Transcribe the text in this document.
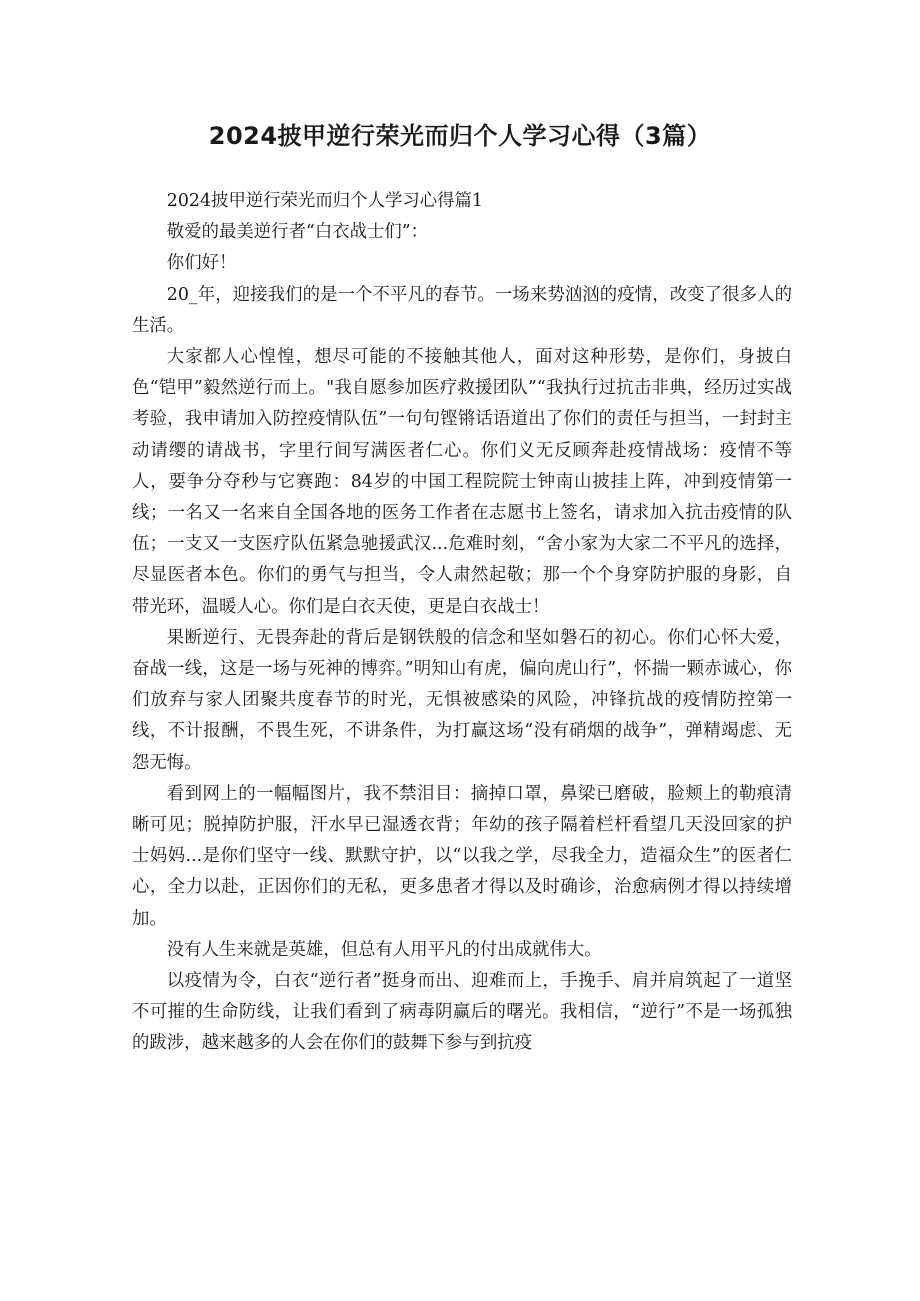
2024披甲逆行荣光而归个人学习心得（3篇）

2024披甲逆行荣光而归个人学习心得篇1

敬爱的最美逆行者“白衣战士们”：

你们好！

20_年，迎接我们的是一个不平凡的春节。一场来势汹汹的疫情，改变了很多人的生活。

大家都人心惶惶，想尽可能的不接触其他人，面对这种形势，是你们，身披白色“铠甲”毅然逆行而上。"我自愿参加医疗救援团队”“我执行过抗击非典，经历过实战考验，我申请加入防控疫情队伍”一句句铿锵话语道出了你们的责任与担当，一封封主动请缨的请战书，字里行间写满医者仁心。你们义无反顾奔赴疫情战场：疫情不等人，要争分夺秒与它赛跑：84岁的中国工程院院士钟南山披挂上阵，冲到疫情第一线；一名又一名来自全国各地的医务工作者在志愿书上签名，请求加入抗击疫情的队伍；一支又一支医疗队伍紧急驰援武汉...危难时刻，“舍小家为大家二不平凡的选择，尽显医者本色。你们的勇气与担当，令人肃然起敬；那一个个身穿防护服的身影，自带光环，温暖人心。你们是白衣天使，更是白衣战士！

果断逆行、无畏奔赴的背后是钢铁般的信念和坚如磐石的初心。你们心怀大爱，奋战一线，这是一场与死神的博弈。”明知山有虎，偏向虎山行”，怀揣一颗赤诚心，你们放弃与家人团聚共度春节的时光，无惧被感染的风险，冲锋抗战的疫情防控第一线，不计报酬，不畏生死，不讲条件，为打赢这场“没有硝烟的战争”，弹精竭虑、无怨无悔。

看到网上的一幅幅图片，我不禁泪目：摘掉口罩，鼻梁已磨破，脸颊上的勒痕清晰可见；脱掉防护服，汗水早已湿透衣背；年幼的孩子隔着栏杆看望几天没回家的护士妈妈...是你们坚守一线、默默守护，以“以我之学，尽我全力，造福众生”的医者仁心，全力以赴，正因你们的无私，更多患者才得以及时确诊，治愈病例才得以持续增加。

没有人生来就是英雄，但总有人用平凡的付出成就伟大。

以疫情为令，白衣“逆行者”挺身而出、迎难而上，手挽手、肩并肩筑起了一道坚不可摧的生命防线，让我们看到了病毒阴赢后的曙光。我相信，“逆行”不是一场孤独的跋涉，越来越多的人会在你们的鼓舞下参与到抗疫
